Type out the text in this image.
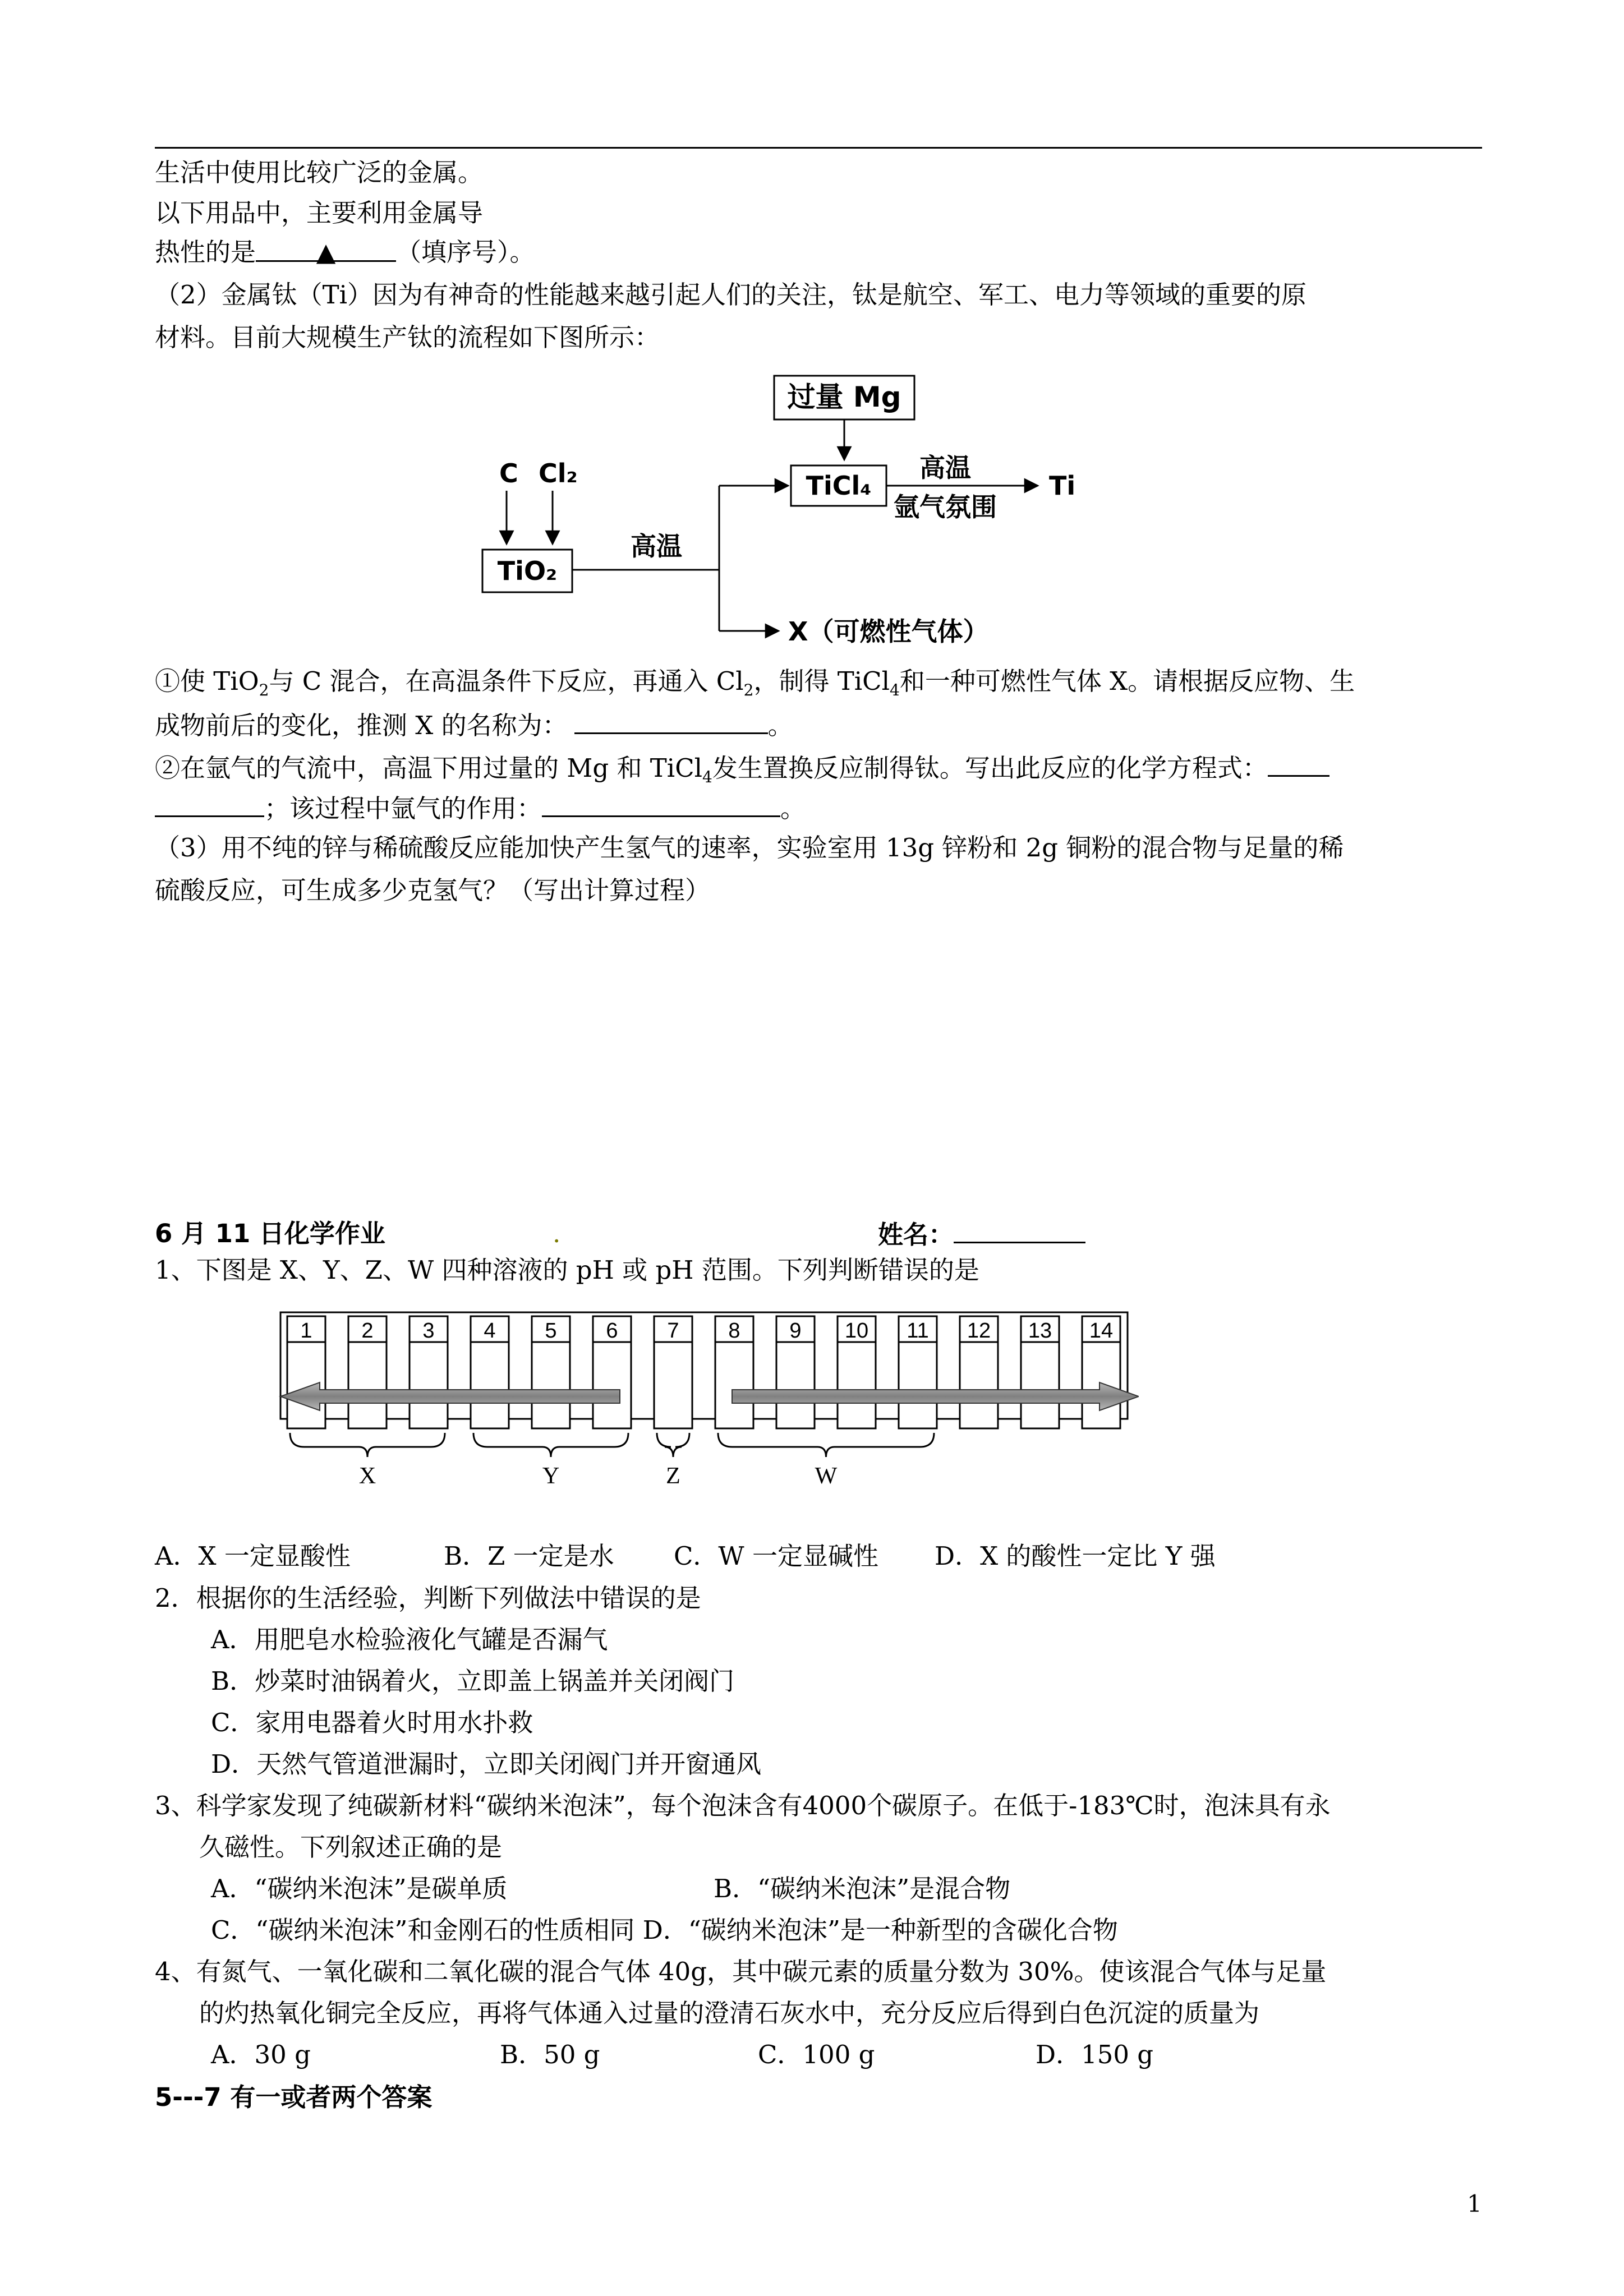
生活中使用比较广泛的金属。
以下用品中，主要利用金属导
热性的是 ▲ （填序号）。
（2）金属钛（Ti）因为有神奇的性能越来越引起人们的关注，钛是航空、军工、电力等领域的重要的原
材料。目前大规模生产钛的流程如下图所示：
过量 Mg
TiCl₄
高温
氩气氛围
Ti
C Cl₂
TiO₂
高温
X（可燃性气体）
①使 TiO$_2$与 C 混合，在高温条件下反应，再通入 $Cl_2$，制得 TiCl$_4$和一种可燃性气体 X。请根据反应物、生
成物前后的变化，推测 X 的名称为：	。
②在氩气的气流中，高温下用过量的 Mg 和 TiCl$_4$发生置换反应制得钛。写出此反应的化学方程式：
；该过程中氩气的作用：	。
（3）用不纯的锌与稀硫酸反应能加快产生氢气的速率，实验室用 13g 锌粉和 2g 铜粉的混合物与足量的稀
硫酸反应，可生成多少克氢气？（写出计算过程）
6 月 11 日化学作业	.	姓名：
1、下图是 X、Y、Z、W 四种溶液的 pH 或 pH 范围。下列判断错误的是
1 2 3 4 5 6 7 8 9 10 11 12 13 14
X	Y	Z	W
A．X 一定显酸性	B．Z 一定是水 C．W 一定显碱性 D．X 的酸性一定比 Y 强
2．根据你的生活经验，判断下列做法中错误的是
A．用肥皂水检验液化气罐是否漏气
B．炒菜时油锅着火，立即盖上锅盖并关闭阀门
C．家用电器着火时用水扑救
D．天然气管道泄漏时，立即关闭阀门并开窗通风
3、科学家发现了纯碳新材料“碳纳米泡沫”，每个泡沫含有4000个碳原子。在低于-183℃时，泡沫具有永
久磁性。下列叙述正确的是
A．“碳纳米泡沫”是碳单质	B．“碳纳米泡沫”是混合物
C．“碳纳米泡沫”和金刚石的性质相同 D．“碳纳米泡沫”是一种新型的含碳化合物
4、有氮气、一氧化碳和二氧化碳的混合气体 40g，其中碳元素的质量分数为 30%。使该混合气体与足量
的灼热氧化铜完全反应，再将气体通入过量的澄清石灰水中，充分反应后得到白色沉淀的质量为
A．30 g	B．50 g	C．100 g	D．150 g
5---7 有一或者两个答案
1
